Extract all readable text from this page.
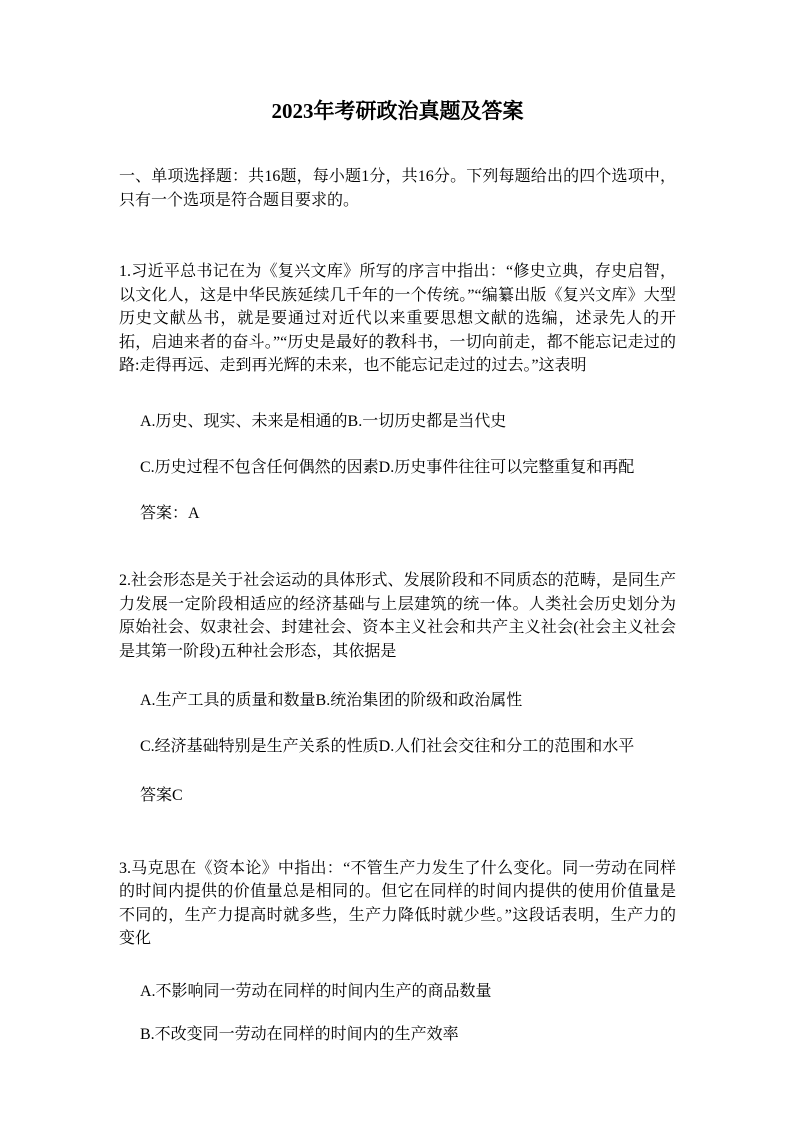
2023年考研政治真题及答案

一、单项选择题：共16题，每小题1分，共16分。下列每题给出的四个选项中，只有一个选项是符合题目要求的。

1.习近平总书记在为《复兴文库》所写的序言中指出：“修史立典，存史启智，以文化人，这是中华民族延续几千年的一个传统。”“编纂出版《复兴文库》大型历史文献丛书，就是要通过对近代以来重要思想文献的选编，述录先人的开拓，启迪来者的奋斗。”“历史是最好的教科书，一切向前走，都不能忘记走过的路:走得再远、走到再光辉的未来，也不能忘记走过的过去。”这表明

A.历史、现实、未来是相通的B.一切历史都是当代史

C.历史过程不包含任何偶然的因素D.历史事件往往可以完整重复和再配

答案：A

2.社会形态是关于社会运动的具体形式、发展阶段和不同质态的范畴，是同生产力发展一定阶段相适应的经济基础与上层建筑的统一体。人类社会历史划分为原始社会、奴隶社会、封建社会、资本主义社会和共产主义社会(社会主义社会是其第一阶段)五种社会形态，其依据是

A.生产工具的质量和数量B.统治集团的阶级和政治属性

C.经济基础特别是生产关系的性质D.人们社会交往和分工的范围和水平

答案C

3.马克思在《资本论》中指出：“不管生产力发生了什么变化。同一劳动在同样的时间内提供的价值量总是相同的。但它在同样的时间内提供的使用价值量是不同的，生产力提高时就多些，生产力降低时就少些。”这段话表明，生产力的变化

A.不影响同一劳动在同样的时间内生产的商品数量

B.不改变同一劳动在同样的时间内的生产效率
